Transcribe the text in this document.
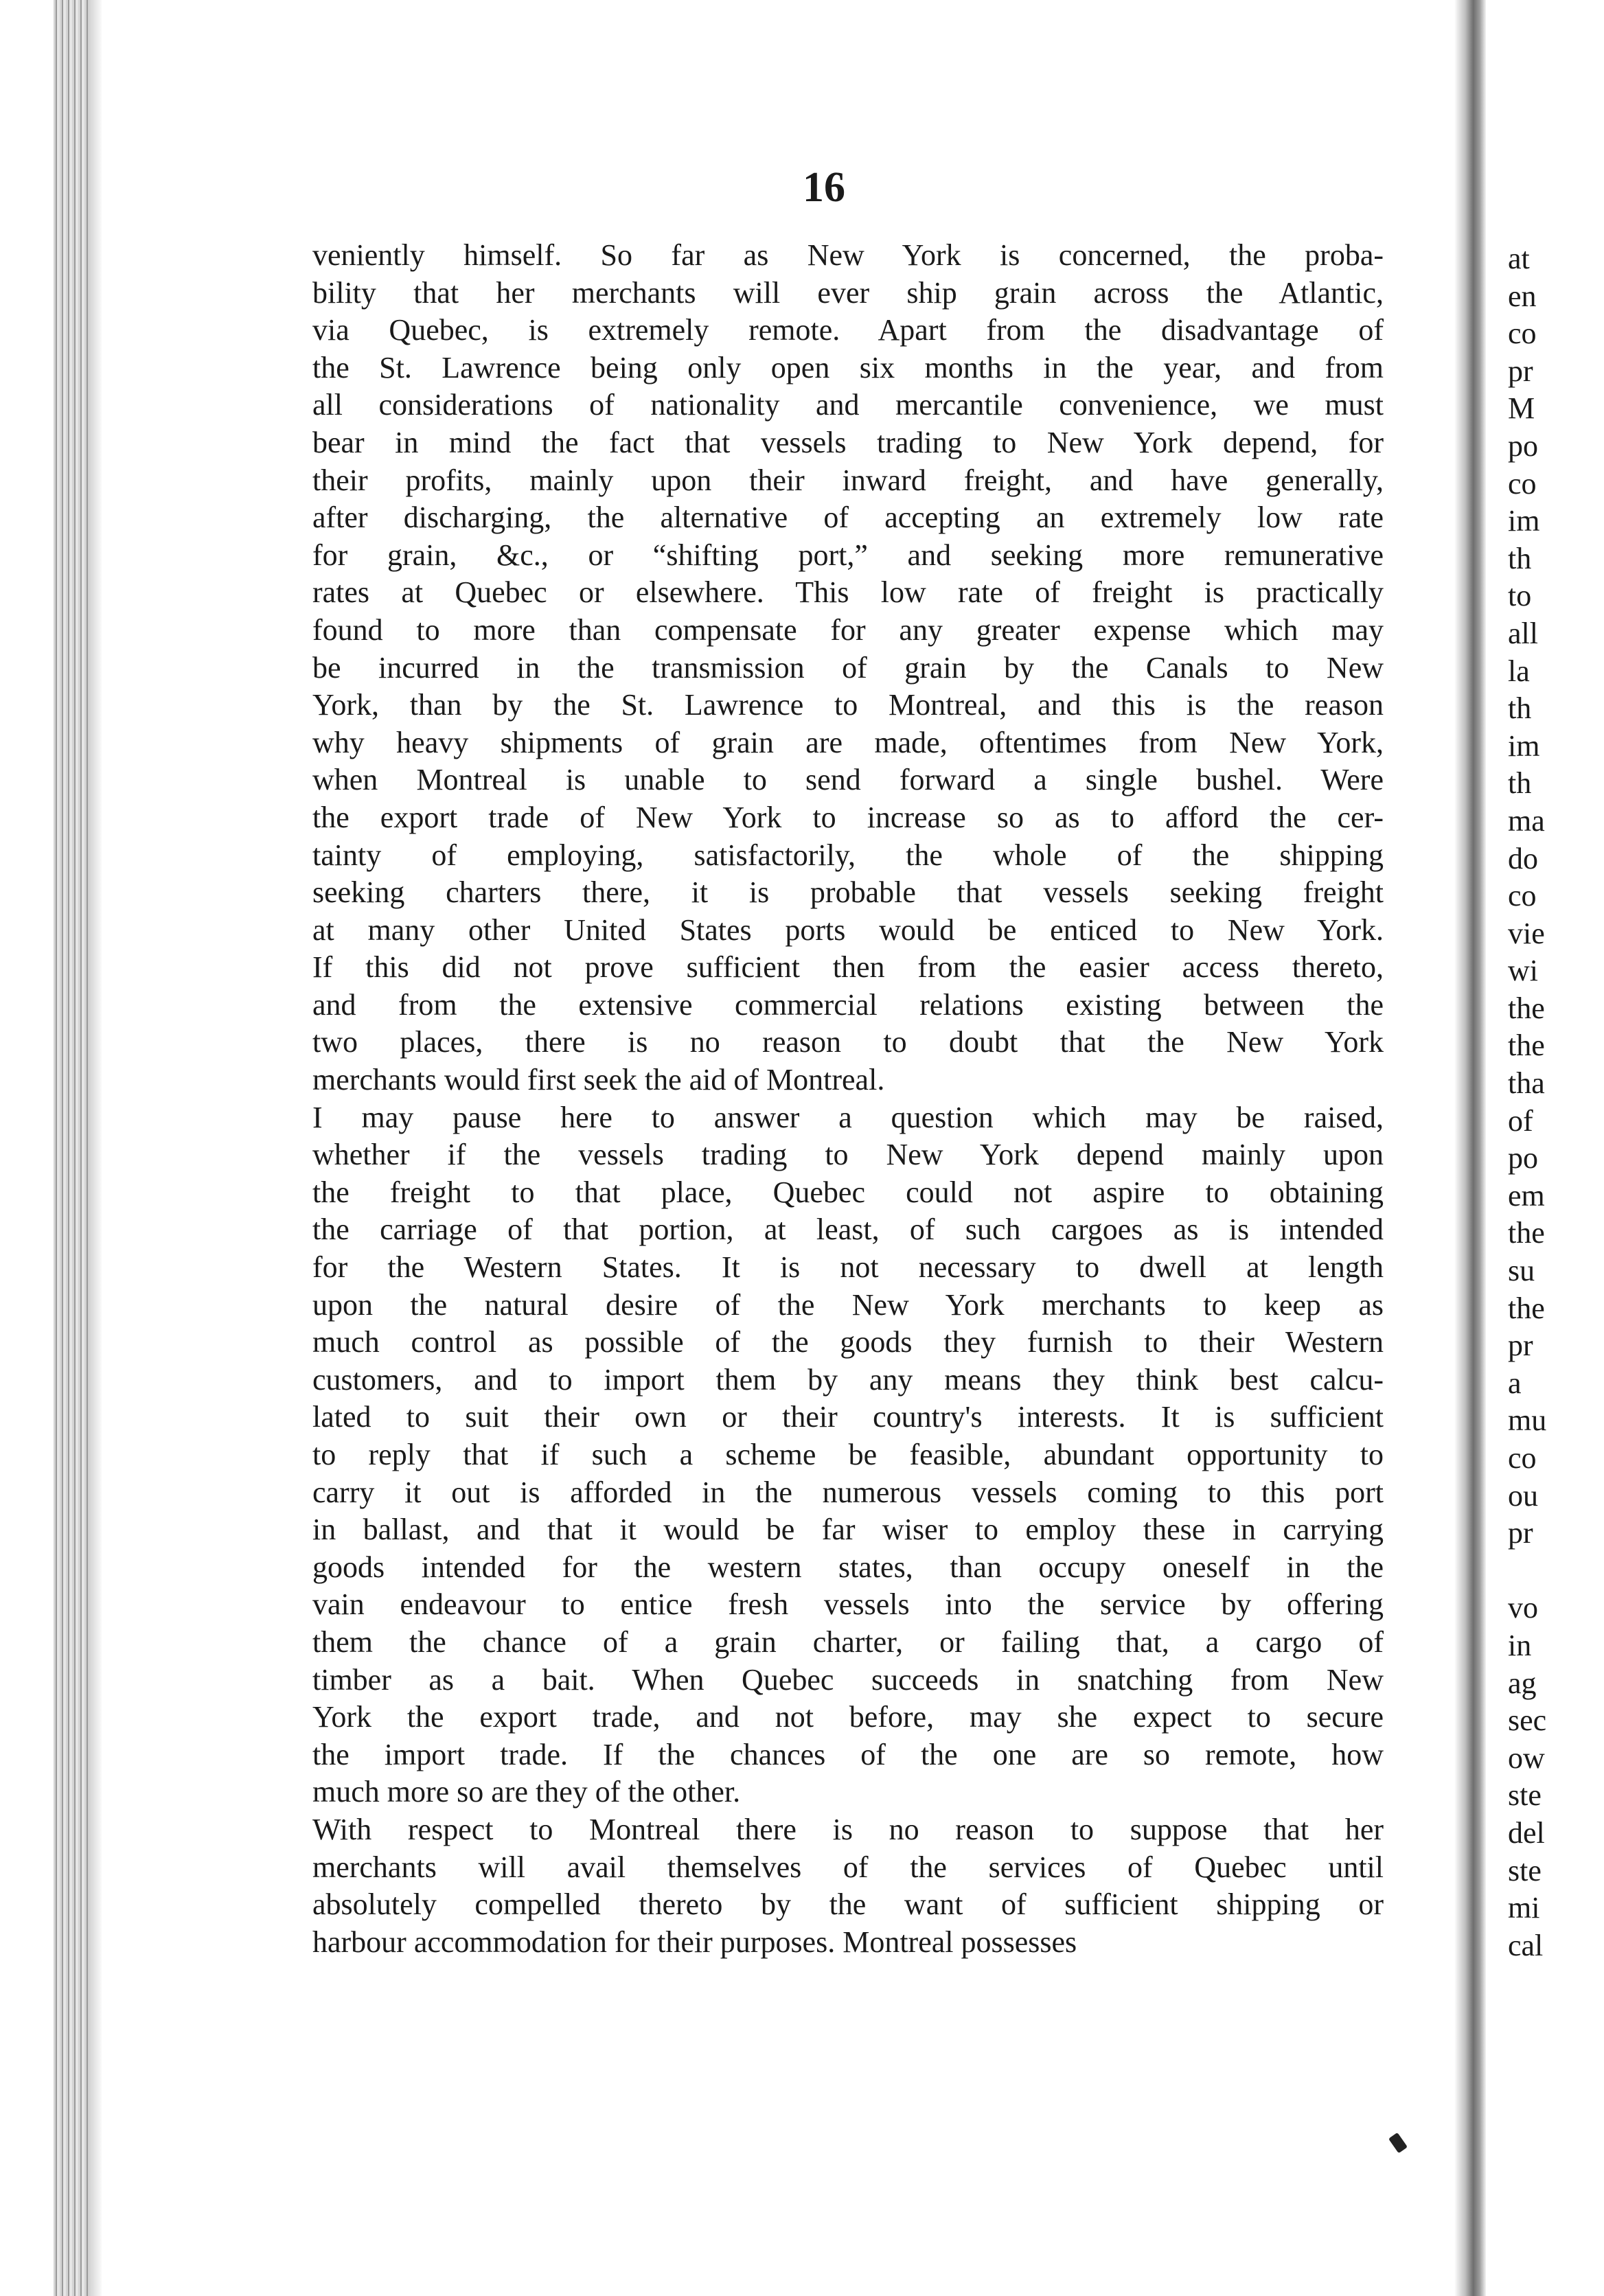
16
veniently himself. So far as New York is concerned, the proba-
bility that her merchants will ever ship grain across the Atlantic,
via Quebec, is extremely remote. Apart from the disadvantage of
the St. Lawrence being only open six months in the year, and from
all considerations of nationality and mercantile convenience, we must
bear in mind the fact that vessels trading to New York depend, for
their profits, mainly upon their inward freight, and have generally,
after discharging, the alternative of accepting an extremely low rate
for grain, &c., or “shifting port,” and seeking more remunerative
rates at Quebec or elsewhere. This low rate of freight is practically
found to more than compensate for any greater expense which may
be incurred in the transmission of grain by the Canals to New
York, than by the St. Lawrence to Montreal, and this is the reason
why heavy shipments of grain are made, oftentimes from New York,
when Montreal is unable to send forward a single bushel. Were
the export trade of New York to increase so as to afford the cer-
tainty of employing, satisfactorily, the whole of the shipping
seeking charters there, it is probable that vessels seeking freight
at many other United States ports would be enticed to New York.
If this did not prove sufficient then from the easier access thereto,
and from the extensive commercial relations existing between the
two places, there is no reason to doubt that the New York
merchants would first seek the aid of Montreal.
I may pause here to answer a question which may be raised,
whether if the vessels trading to New York depend mainly upon
the freight to that place, Quebec could not aspire to obtaining
the carriage of that portion, at least, of such cargoes as is intended
for the Western States. It is not necessary to dwell at length
upon the natural desire of the New York merchants to keep as
much control as possible of the goods they furnish to their Western
customers, and to import them by any means they think best calcu-
lated to suit their own or their country's interests. It is sufficient
to reply that if such a scheme be feasible, abundant opportunity to
carry it out is afforded in the numerous vessels coming to this port
in ballast, and that it would be far wiser to employ these in carrying
goods intended for the western states, than occupy oneself in the
vain endeavour to entice fresh vessels into the service by offering
them the chance of a grain charter, or failing that, a cargo of
timber as a bait. When Quebec succeeds in snatching from New
York the export trade, and not before, may she expect to secure
the import trade. If the chances of the one are so remote, how
much more so are they of the other.
With respect to Montreal there is no reason to suppose that her
merchants will avail themselves of the services of Quebec until
absolutely compelled thereto by the want of sufficient shipping or
harbour accommodation for their purposes. Montreal possesses
at
en
co
pr
M
po
co
im
th
to
all
la
th
im
th
ma
do
co
vie
wi
the
the
tha
of
po
em
the
su
the
pr
a
mu
co
ou
pr
vo
in
ag
sec
ow
ste
del
ste
mi
cal
